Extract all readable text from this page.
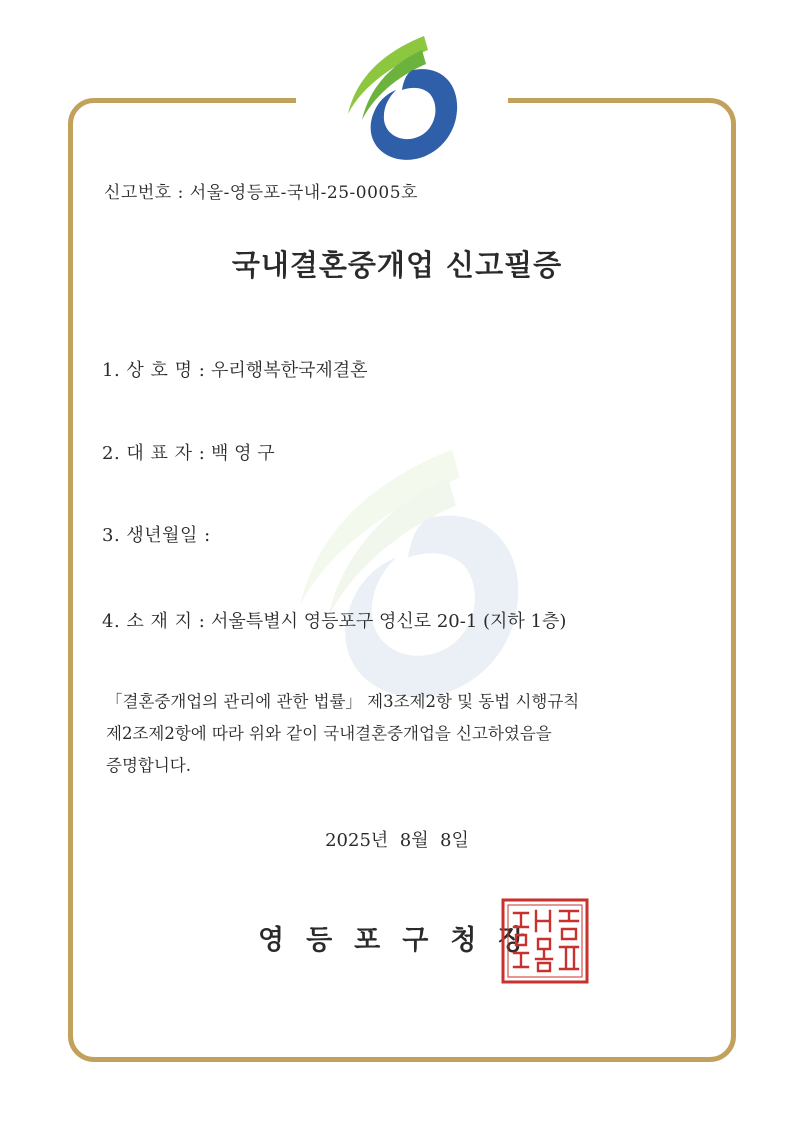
신고번호 : 서울-영등포-국내-25-0005호
국내결혼중개업 신고필증
1. 상 호 명 : 우리행복한국제결혼
2. 대 표 자 : 백 영 구
3. 생년월일 :
4. 소 재 지 : 서울특별시 영등포구 영신로 20-1 (지하 1층)
「결혼중개업의 관리에 관한 법률」 제3조제2항 및 동법 시행규칙
제2조제2항에 따라 위와 같이 국내결혼중개업을 신고하였음을
증명합니다.
2025년  8월  8일
영등포구청장
